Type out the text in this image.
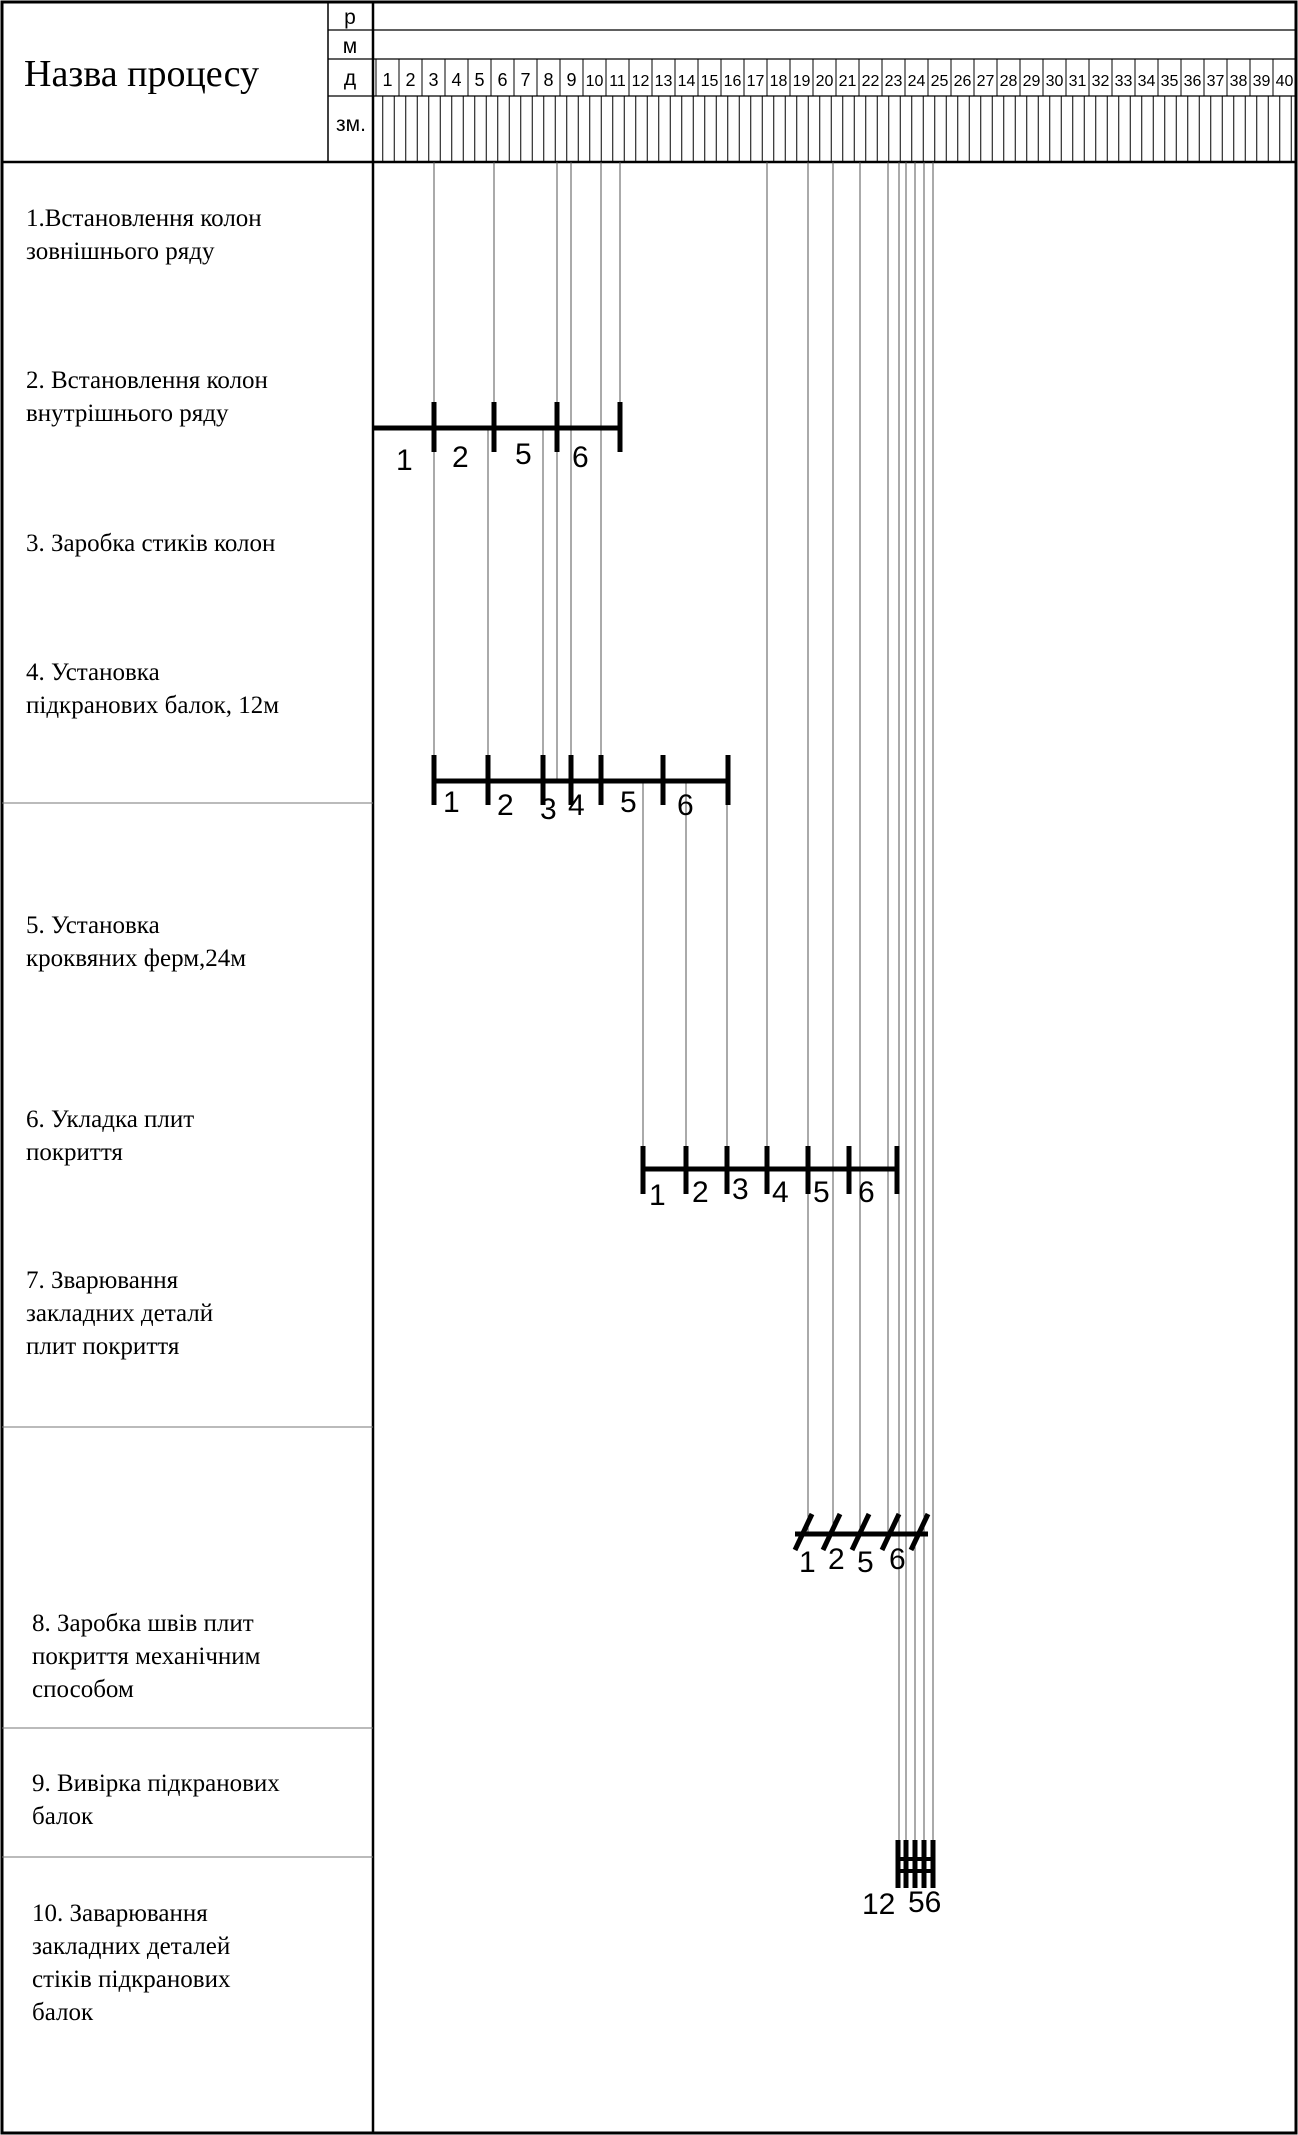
р
м
д
зм.
1 2 3 4 5 6 7 8 9 10 11 12 13 14 15 16 17 18 19 20 21 22 23 24 25 26 27 28 29 30 31 32 33 34 35 36 37 38 39 40
1 2 5 6
1 2 3 4 5 6
1 2 3 4 5 6
1 2 5 6
12 56
Назва процесу
1.Встановлення колон
зовнішнього ряду
2. Встановлення колон
внутрішнього ряду
3. Заробка стиків колон
4. Установка
підкранових балок, 12м
5. Установка
кроквяних ферм,24м
6. Укладка плит
покриття
7. Зварювання
закладних деталй
плит покриття
8. Заробка швів плит
покриття механічним
способом
9. Вивірка підкранових
балок
10. Заварювання
закладних деталей
стіків підкранових
балок
